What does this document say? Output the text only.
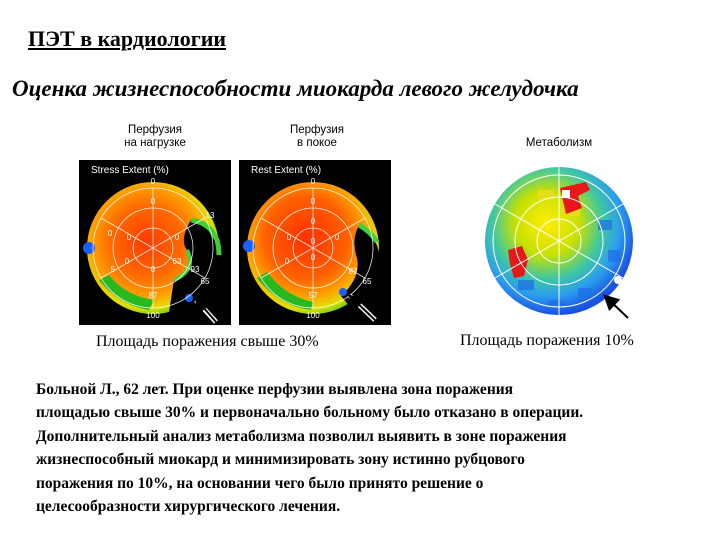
ПЭТ в кардиологии
Оценка жизнеспособности миокарда левого желудочка
Перфузия
на нагрузке
Перфузия
в покое	Метаболизм
Stress Extent (%)
0
0
13
0	0
0
0	63
0	93
5
65
87
100
Rest Extent (%)
0
0
0
0	0
0
0
0
87
65
57
100
Площадь поражения свыше 30%	Площадь поражения 10%
Больной Л., 62 лет. При оценке перфузии выявлена зона поражения
площадью свыше 30% и первоначально больному было отказано в операции.
Дополнительный анализ метаболизма позволил выявить в зоне поражения
жизнеспособный миокард и минимизировать зону истинно рубцового
поражения по 10%, на основании чего было принято решение о
целесообразности хирургического лечения.
